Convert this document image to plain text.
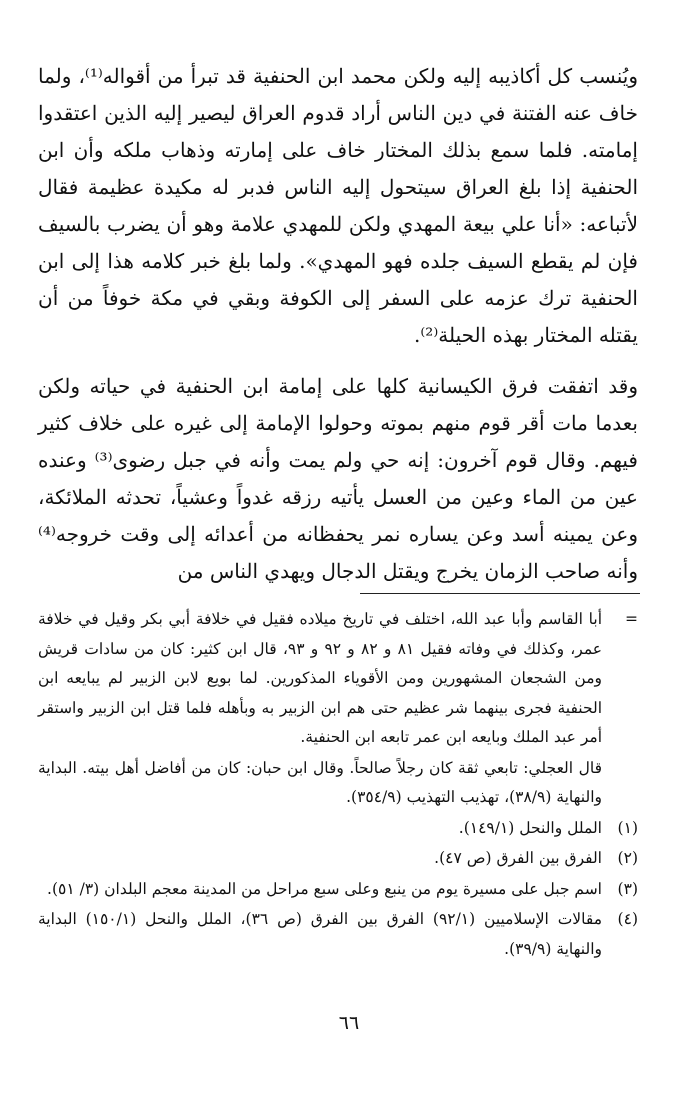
ويُنسب كل أكاذيبه إليه ولكن محمد ابن الحنفية قد تبرأ من أقواله⁽¹⁾، ولما خاف عنه الفتنة في دين الناس أراد قدوم العراق ليصير إليه الذين اعتقدوا إمامته. فلما سمع بذلك المختار خاف على إمارته وذهاب ملكه وأن ابن الحنفية إذا بلغ العراق سيتحول إليه الناس فدبر له مكيدة عظيمة فقال لأتباعه: «أنا علي بيعة المهدي ولكن للمهدي علامة وهو أن يضرب بالسيف فإن لم يقطع السيف جلده فهو المهدي». ولما بلغ خبر كلامه هذا إلى ابن الحنفية ترك عزمه على السفر إلى الكوفة وبقي في مكة خوفاً من أن يقتله المختار بهذه الحيلة⁽²⁾.

وقد اتفقت فرق الكيسانية كلها على إمامة ابن الحنفية في حياته ولكن بعدما مات أقر قوم منهم بموته وحولوا الإمامة إلى غيره على خلاف كثير فيهم. وقال قوم آخرون: إنه حي ولم يمت وأنه في جبل رضوى⁽³⁾ وعنده عين من الماء وعين من العسل يأتيه رزقه غدواً وعشياً، تحدثه الملائكة، وعن يمينه أسد وعن يساره نمر يحفظانه من أعدائه إلى وقت خروجه⁽⁴⁾ وأنه صاحب الزمان يخرج ويقتل الدجال ويهدي الناس من

=
أبا القاسم وأبا عبد الله، اختلف في تاريخ ميلاده فقيل في خلافة أبي بكر وقيل في خلافة عمر، وكذلك في وفاته فقيل ٨١ و ٨٢ و ٩٢ و ٩٣، قال ابن كثير: كان من سادات قريش ومن الشجعان المشهورين ومن الأقوياء المذكورين. لما بويع لابن الزبير لم يبايعه ابن الحنفية فجرى بينهما شر عظيم حتى هم ابن الزبير به وبأهله فلما قتل ابن الزبير واستقر أمر عبد الملك وبايعه ابن عمر تابعه ابن الحنفية.
قال العجلي: تابعي ثقة كان رجلاً صالحاً. وقال ابن حبان: كان من أفاضل أهل بيته. البداية والنهاية (٣٨/٩)، تهذيب التهذيب (٣٥٤/٩).
(١)
الملل والنحل (١٤٩/١).
(٢)
الفرق بين الفرق (ص ٤٧).
(٣)
اسم جبل على مسيرة يوم من ينبع وعلى سبع مراحل من المدينة معجم البلدان (٣/ ٥١).
(٤)
مقالات الإسلاميين (٩٢/١) الفرق بين الفرق (ص ٣٦)، الملل والنحل (١٥٠/١) البداية والنهاية (٣٩/٩).
٦٦
